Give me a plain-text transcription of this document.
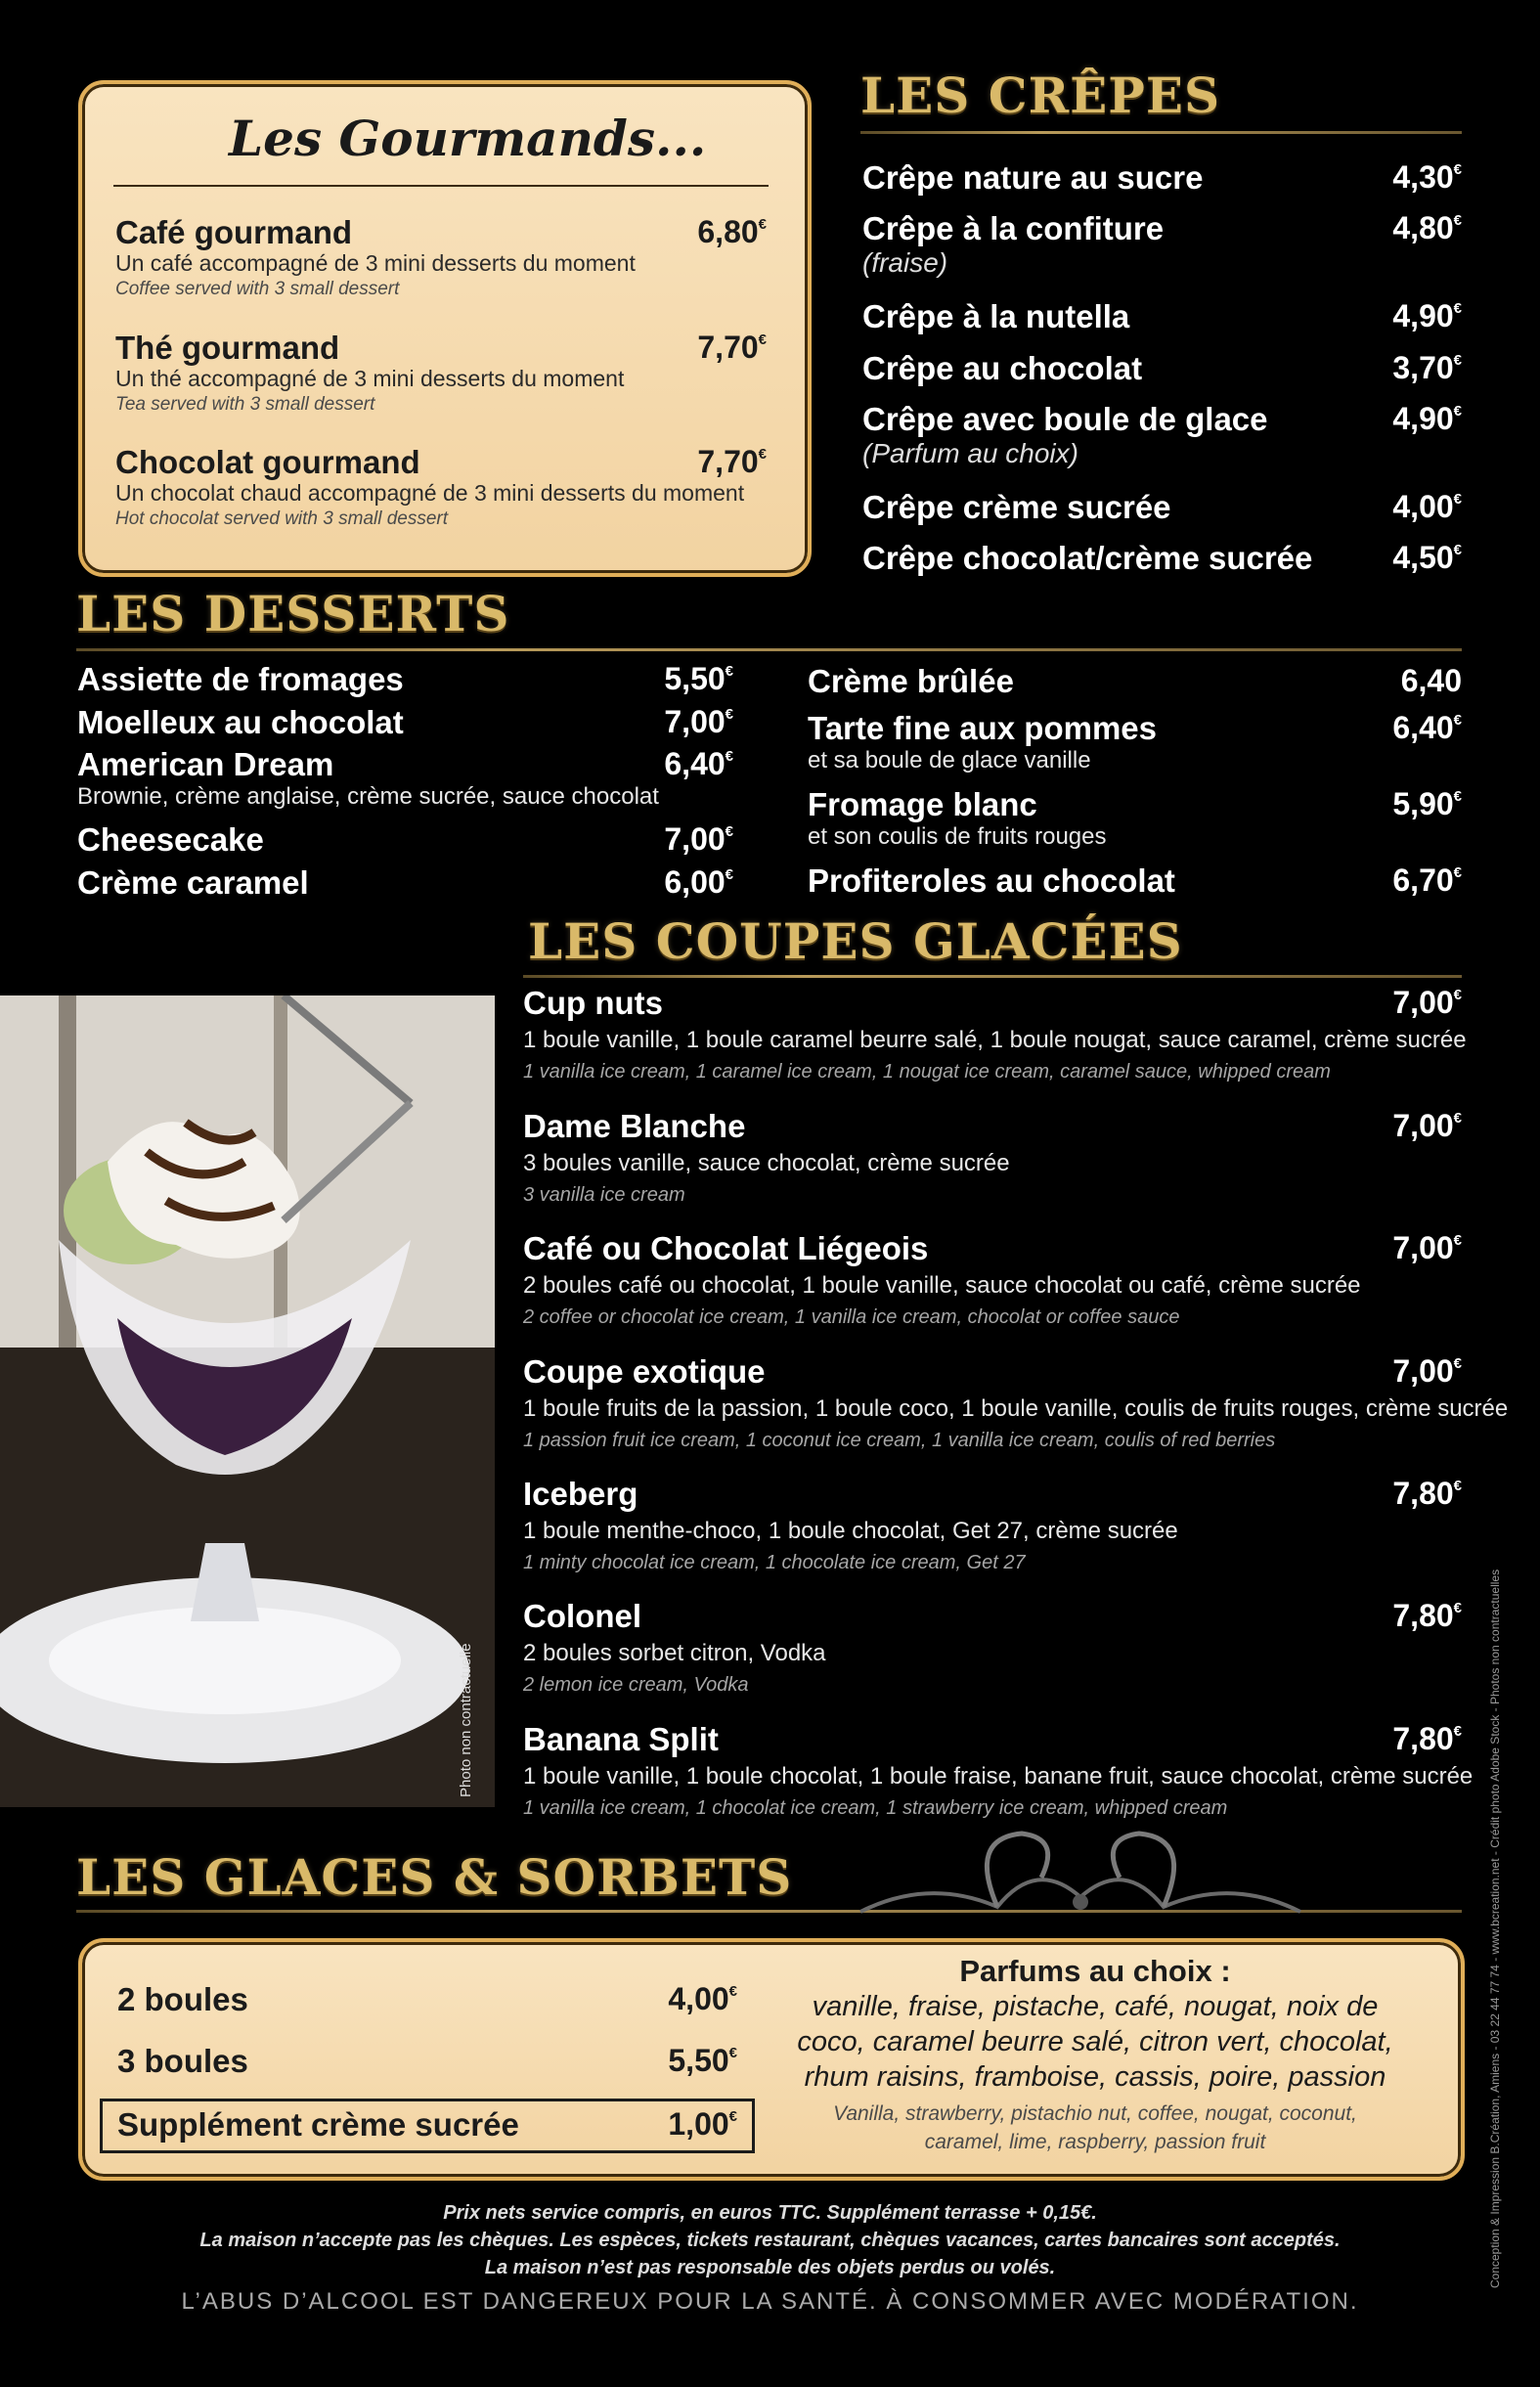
Les Gourmands...
Café gourmand	6,80€
Un café accompagné de 3 mini desserts du moment
Coffee served with 3 small dessert
Thé gourmand	7,70€
Un thé accompagné de 3 mini desserts du moment
Tea served with 3 small dessert
Chocolat gourmand	7,70€
Un chocolat chaud accompagné de 3 mini desserts du moment
Hot chocolat served with 3 small dessert
LES CRÊPES
Crêpe nature au sucre	4,30€
Crêpe à la confiture	4,80€
(fraise)
Crêpe à la nutella	4,90€
Crêpe au chocolat	3,70€
Crêpe avec boule de glace	4,90€
(Parfum au choix)
Crêpe crème sucrée	4,00€
Crêpe chocolat/crème sucrée	4,50€
LES DESSERTS
Assiette de fromages	5,50€
Moelleux au chocolat	7,00€
American Dream	6,40€
Brownie, crème anglaise, crème sucrée, sauce chocolat
Cheesecake	7,00€
Crème caramel	6,00€
Crème brûlée	6,40
Tarte fine aux pommes	6,40€
et sa boule de glace vanille
Fromage blanc	5,90€
et son coulis de fruits rouges
Profiteroles au chocolat	6,70€
LES COUPES GLACÉES
Photo non contractuelle
Cup nuts	7,00€
1 boule vanille, 1 boule caramel beurre salé, 1 boule nougat, sauce caramel, crème sucrée
1 vanilla ice cream, 1 caramel ice cream, 1 nougat ice cream, caramel sauce, whipped cream
Dame Blanche	7,00€
3 boules vanille, sauce chocolat, crème sucrée
3 vanilla ice cream
Café ou Chocolat Liégeois	7,00€
2 boules café ou chocolat, 1 boule vanille, sauce chocolat ou café, crème sucrée
2 coffee or chocolat ice cream, 1 vanilla ice cream, chocolat or coffee sauce
Coupe exotique	7,00€
1 boule fruits de la passion, 1 boule coco, 1 boule vanille, coulis de fruits rouges, crème sucrée
1 passion fruit ice cream, 1 coconut ice cream, 1 vanilla ice cream, coulis of red berries
Iceberg	7,80€
1 boule menthe-choco, 1 boule chocolat, Get 27, crème sucrée
1 minty chocolat ice cream, 1 chocolate ice cream, Get 27
Colonel	7,80€
2 boules sorbet citron, Vodka
2 lemon ice cream, Vodka
Banana Split	7,80€
1 boule vanille, 1 boule chocolat, 1 boule fraise, banane fruit, sauce chocolat, crème sucrée
1 vanilla ice cream, 1 chocolat ice cream, 1 strawberry ice cream, whipped cream
LES GLACES & SORBETS
2 boules	4,00€
3 boules	5,50€
Supplément crème sucrée	1,00€
Parfums au choix :
vanille, fraise, pistache, café, nougat, noix de
coco, caramel beurre salé, citron vert, chocolat,
rhum raisins, framboise, cassis, poire, passion
Vanilla, strawberry, pistachio nut, coffee, nougat, coconut,
caramel, lime, raspberry, passion fruit
Prix nets service compris, en euros TTC. Supplément terrasse + 0,15€.
La maison n’accepte pas les chèques. Les espèces, tickets restaurant, chèques vacances, cartes bancaires sont acceptés.
La maison n’est pas responsable des objets perdus ou volés.
L’ABUS D’ALCOOL EST DANGEREUX POUR LA SANTÉ. À CONSOMMER AVEC MODÉRATION.
Conception & Impression B.Création, Amiens - 03 22 44 77 74 - www.bcreation.net - Crédit photo Adobe Stock - Photos non contractuelles
